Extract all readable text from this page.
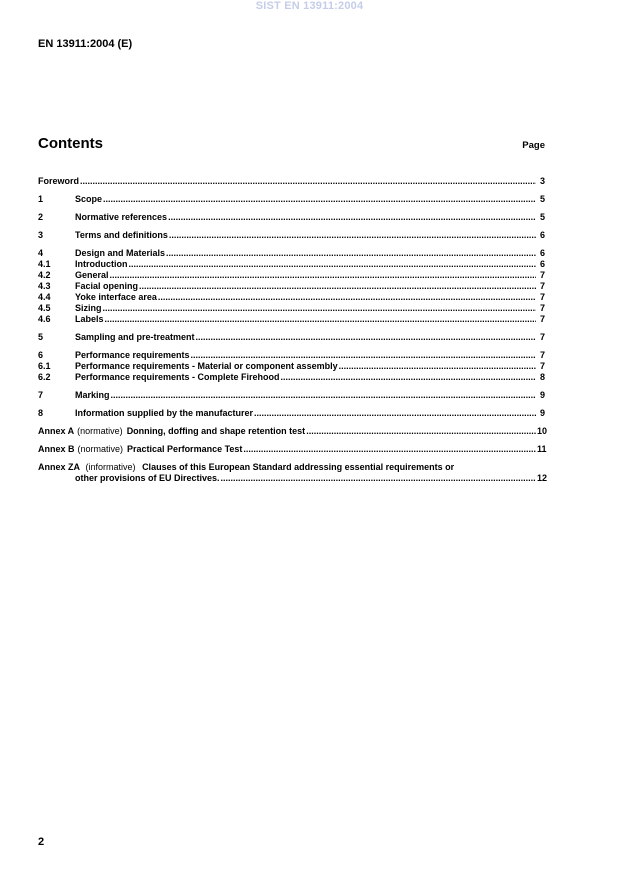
SIST EN 13911:2004
EN 13911:2004 (E)
Contents	Page
Foreword .....	3
1	Scope .....	5
2	Normative references .....	5
3	Terms and definitions .....	6
4	Design and Materials .....	6
4.1	Introduction .....	6
4.2	General .....	7
4.3	Facial opening .....	7
4.4	Yoke interface area .....	7
4.5	Sizing .....	7
4.6	Labels .....	7
5	Sampling and pre-treatment .....	7
6	Performance requirements .....	7
6.1	Performance requirements - Material or component assembly .....	7
6.2	Performance requirements - Complete Firehood .....	8
7	Marking .....	9
8	Information supplied by the manufacturer .....	9
Annex A (normative) Donning, doffing and shape retention test .....	10
Annex B (normative) Practical Performance Test .....	11
Annex ZA (informative) Clauses of this European Standard addressing essential requirements or
other provisions of EU Directives. .....	12
2
